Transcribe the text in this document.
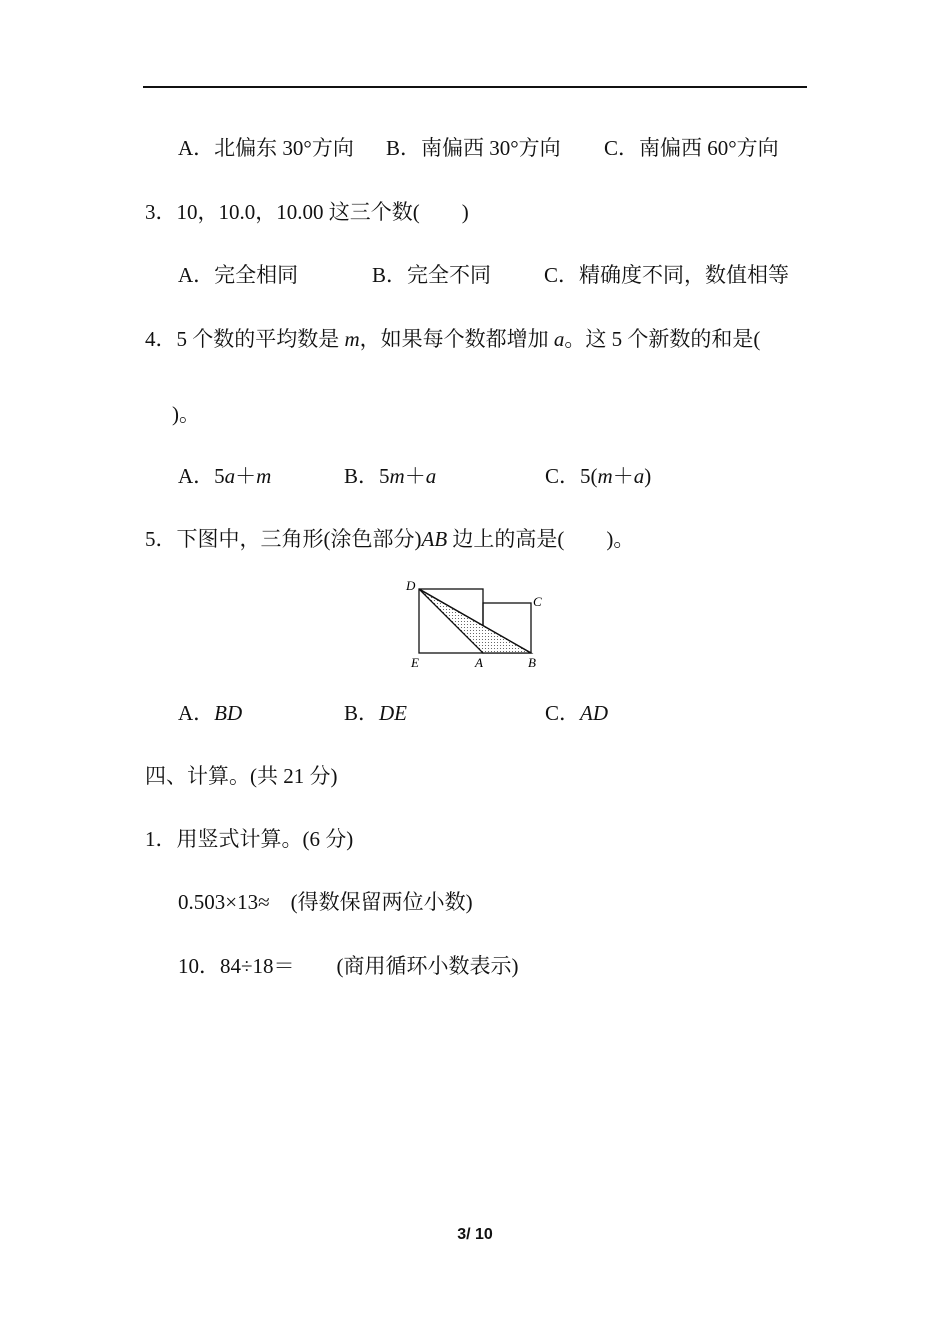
A．北偏东 30°方向 B．南偏西 30°方向 C．南偏西 60°方向
3．10，10.0，10.00 这三个数(　　)
A．完全相同	B．完全不同	C．精确度不同，数值相等
4．5 个数的平均数是 m，如果每个数都增加 a。这 5 个新数的和是(
)。
A．5a＋m	B．5m＋a	C．5(m＋a)
5．下图中，三角形(涂色部分)AB 边上的高是(　　)。
D
C
E	A	B
A．BD	B．DE	C．AD
四、计算。(共 21 分)
1．用竖式计算。(6 分)
0.503×13≈　(得数保留两位小数)
10．84÷18＝　　(商用循环小数表示)
3/ 10
